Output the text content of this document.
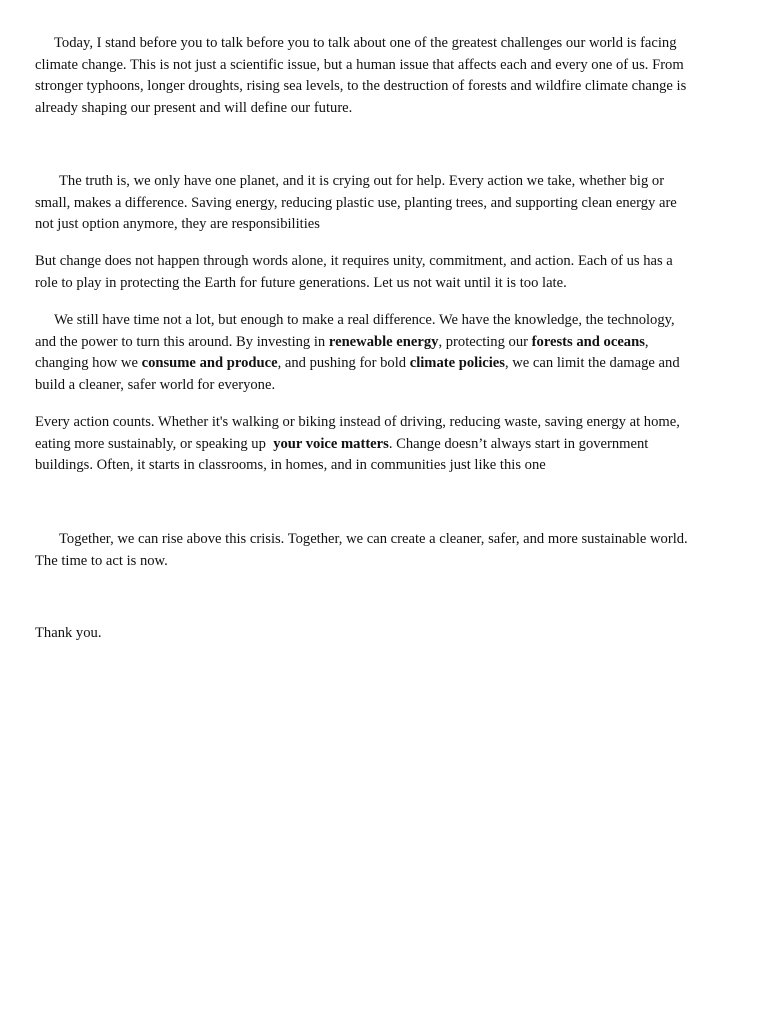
Today, I stand before you to talk before you to talk about one of the greatest challenges our world is facing
climate change. This is not just a scientific issue, but a human issue that affects each and every one of us. From
stronger typhoons, longer droughts, rising sea levels, to the destruction of forests and wildfire climate change is
already shaping our present and will define our future.
The truth is, we only have one planet, and it is crying out for help. Every action we take, whether big or
small, makes a difference. Saving energy, reducing plastic use, planting trees, and supporting clean energy are
not just option anymore, they are responsibilities
But change does not happen through words alone, it requires unity, commitment, and action. Each of us has a
role to play in protecting the Earth for future generations. Let us not wait until it is too late.
We still have time not a lot, but enough to make a real difference. We have the knowledge, the technology,
and the power to turn this around. By investing in renewable energy, protecting our forests and oceans,
changing how we consume and produce, and pushing for bold climate policies, we can limit the damage and
build a cleaner, safer world for everyone.
Every action counts. Whether it's walking or biking instead of driving, reducing waste, saving energy at home,
eating more sustainably, or speaking up  your voice matters. Change doesn’t always start in government
buildings. Often, it starts in classrooms, in homes, and in communities just like this one
Together, we can rise above this crisis. Together, we can create a cleaner, safer, and more sustainable world.
The time to act is now.
Thank you.
